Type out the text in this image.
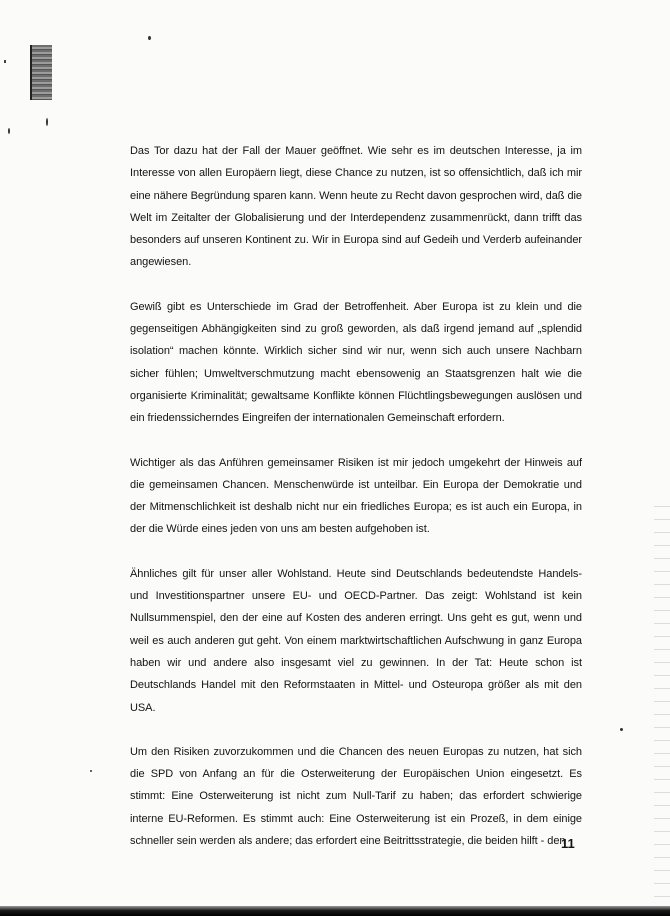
Das Tor dazu hat der Fall der Mauer geöffnet. Wie sehr es im deutschen Interesse, ja im Interesse von allen Europäern liegt, diese Chance zu nutzen, ist so offensichtlich, daß ich mir eine nähere Begründung sparen kann. Wenn heute zu Recht davon gesprochen wird, daß die Welt im Zeitalter der Globalisierung und der Interdependenz zusammenrückt, dann trifft das besonders auf unseren Kontinent zu. Wir in Europa sind auf Gedeih und Verderb aufeinander angewiesen.

Gewiß gibt es Unterschiede im Grad der Betroffenheit. Aber Europa ist zu klein und die gegenseitigen Abhängigkeiten sind zu groß geworden, als daß irgend jemand auf „splendid isolation“ machen könnte. Wirklich sicher sind wir nur, wenn sich auch unsere Nachbarn sicher fühlen; Umweltverschmutzung macht ebensowenig an Staatsgrenzen halt wie die organisierte Kriminalität; gewaltsame Konflikte können Flüchtlingsbewegungen auslösen und ein friedenssicherndes Eingreifen der internationalen Gemeinschaft erfordern.

Wichtiger als das Anführen gemeinsamer Risiken ist mir jedoch umgekehrt der Hinweis auf die gemeinsamen Chancen. Menschenwürde ist unteilbar. Ein Europa der Demokratie und der Mitmenschlichkeit ist deshalb nicht nur ein friedliches Europa; es ist auch ein Europa, in der die Würde eines jeden von uns am besten aufgehoben ist.

Ähnliches gilt für unser aller Wohlstand. Heute sind Deutschlands bedeutendste Handels- und Investitionspartner unsere EU- und OECD-Partner. Das zeigt: Wohlstand ist kein Nullsummenspiel, den der eine auf Kosten des anderen erringt. Uns geht es gut, wenn und weil es auch anderen gut geht. Von einem marktwirtschaftlichen Aufschwung in ganz Europa haben wir und andere also insgesamt viel zu gewinnen. In der Tat: Heute schon ist Deutschlands Handel mit den Reformstaaten in Mittel- und Osteuropa größer als mit den USA.

Um den Risiken zuvorzukommen und die Chancen des neuen Europas zu nutzen, hat sich die SPD von Anfang an für die Osterweiterung der Europäischen Union eingesetzt. Es stimmt: Eine Osterweiterung ist nicht zum Null-Tarif zu haben; das erfordert schwierige interne EU-Reformen. Es stimmt auch: Eine Osterweiterung ist ein Prozeß, in dem einige schneller sein werden als andere; das erfordert eine Beitrittsstrategie, die beiden hilft - den

11
